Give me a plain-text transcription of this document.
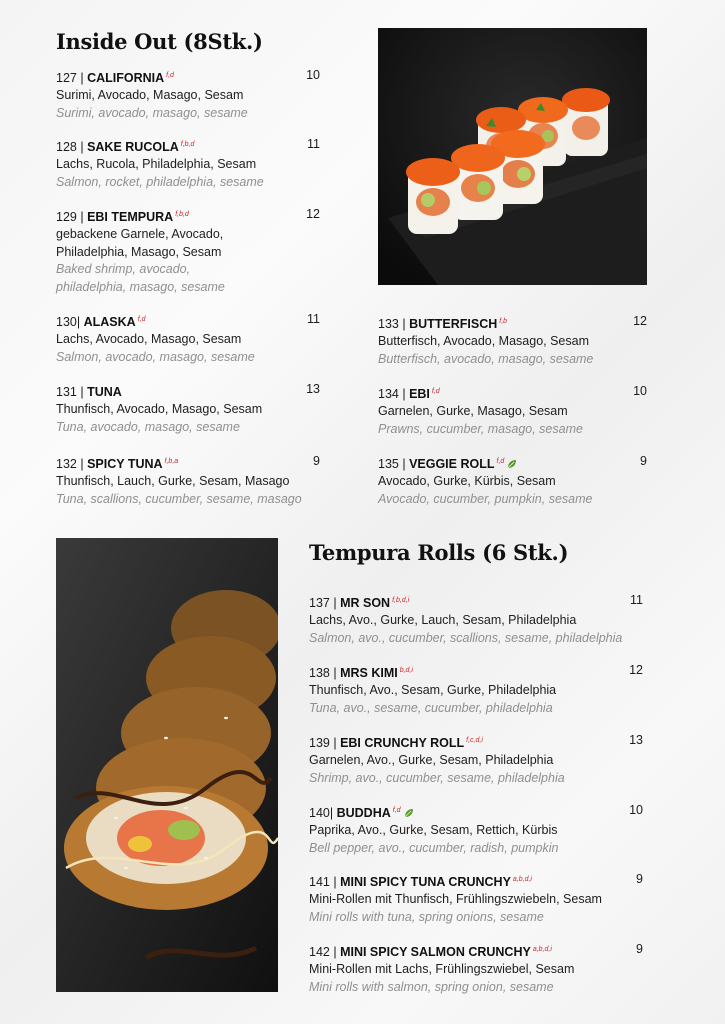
Inside Out (8Stk.)
127 | CALIFORNIA $^{f,d}$	10
Surimi, Avocado, Masago, Sesam
Surimi, avocado, masago, sesame
128 | SAKE RUCOLA $^{f,b,d}$	11
Lachs, Rucola, Philadelphia, Sesam
Salmon, rocket, philadelphia, sesame
129 | EBI TEMPURA $^{f,b,d}$	12
gebackene Garnele, Avocado, Philadelphia, Masago, Sesam
Baked shrimp, avocado, philadelphia, masago, sesame
130| ALASKA $^{f,d}$	11
Lachs, Avocado, Masago, Sesam
Salmon, avocado, masago, sesame
131 | TUNA	13
Thunfisch, Avocado, Masago, Sesam
Tuna, avocado, masago, sesame
132 | SPICY TUNA $^{f,b,a}$	9
Thunfisch, Lauch, Gurke, Sesam, Masago
Tuna, scallions, cucumber, sesame, masago
133 | BUTTERFISCH $^{f,b}$	12
Butterfisch, Avocado, Masago, Sesam
Butterfisch, avocado, masago, sesame
134 | EBI $^{f,d}$	10
Garnelen, Gurke, Masago, Sesam
Prawns, cucumber, masago, sesame
135 | VEGGIE ROLL $^{f,d}$	9
Avocado, Gurke, Kürbis, Sesam
Avocado, cucumber, pumpkin, sesame
Tempura Rolls (6 Stk.)
137 | MR SON $^{f,b,d,i}$	11
Lachs, Avo., Gurke, Lauch, Sesam, Philadelphia
Salmon, avo., cucumber, scallions, sesame, philadelphia
138 | MRS KIMI $^{b,d,i}$	12
Thunfisch, Avo., Sesam, Gurke, Philadelphia
Tuna, avo., sesame, cucumber, philadelphia
139 | EBI CRUNCHY ROLL $^{f,c,d,i}$	13
Garnelen, Avo., Gurke, Sesam, Philadelphia
Shrimp, avo., cucumber, sesame, philadelphia
140| BUDDHA $^{f,d}$	10
Paprika, Avo., Gurke, Sesam, Rettich, Kürbis
Bell pepper, avo., cucumber, radish, pumpkin
141 | MINI SPICY TUNA CRUNCHY $^{a,b,d,i}$	9
Mini-Rollen mit Thunfisch, Frühlingszwiebeln, Sesam
Mini rolls with tuna, spring onions, sesame
142 | MINI SPICY SALMON CRUNCHY $^{a,b,d,i}$	9
Mini-Rollen mit Lachs, Frühlingszwiebel, Sesam
Mini rolls with salmon, spring onion, sesame
